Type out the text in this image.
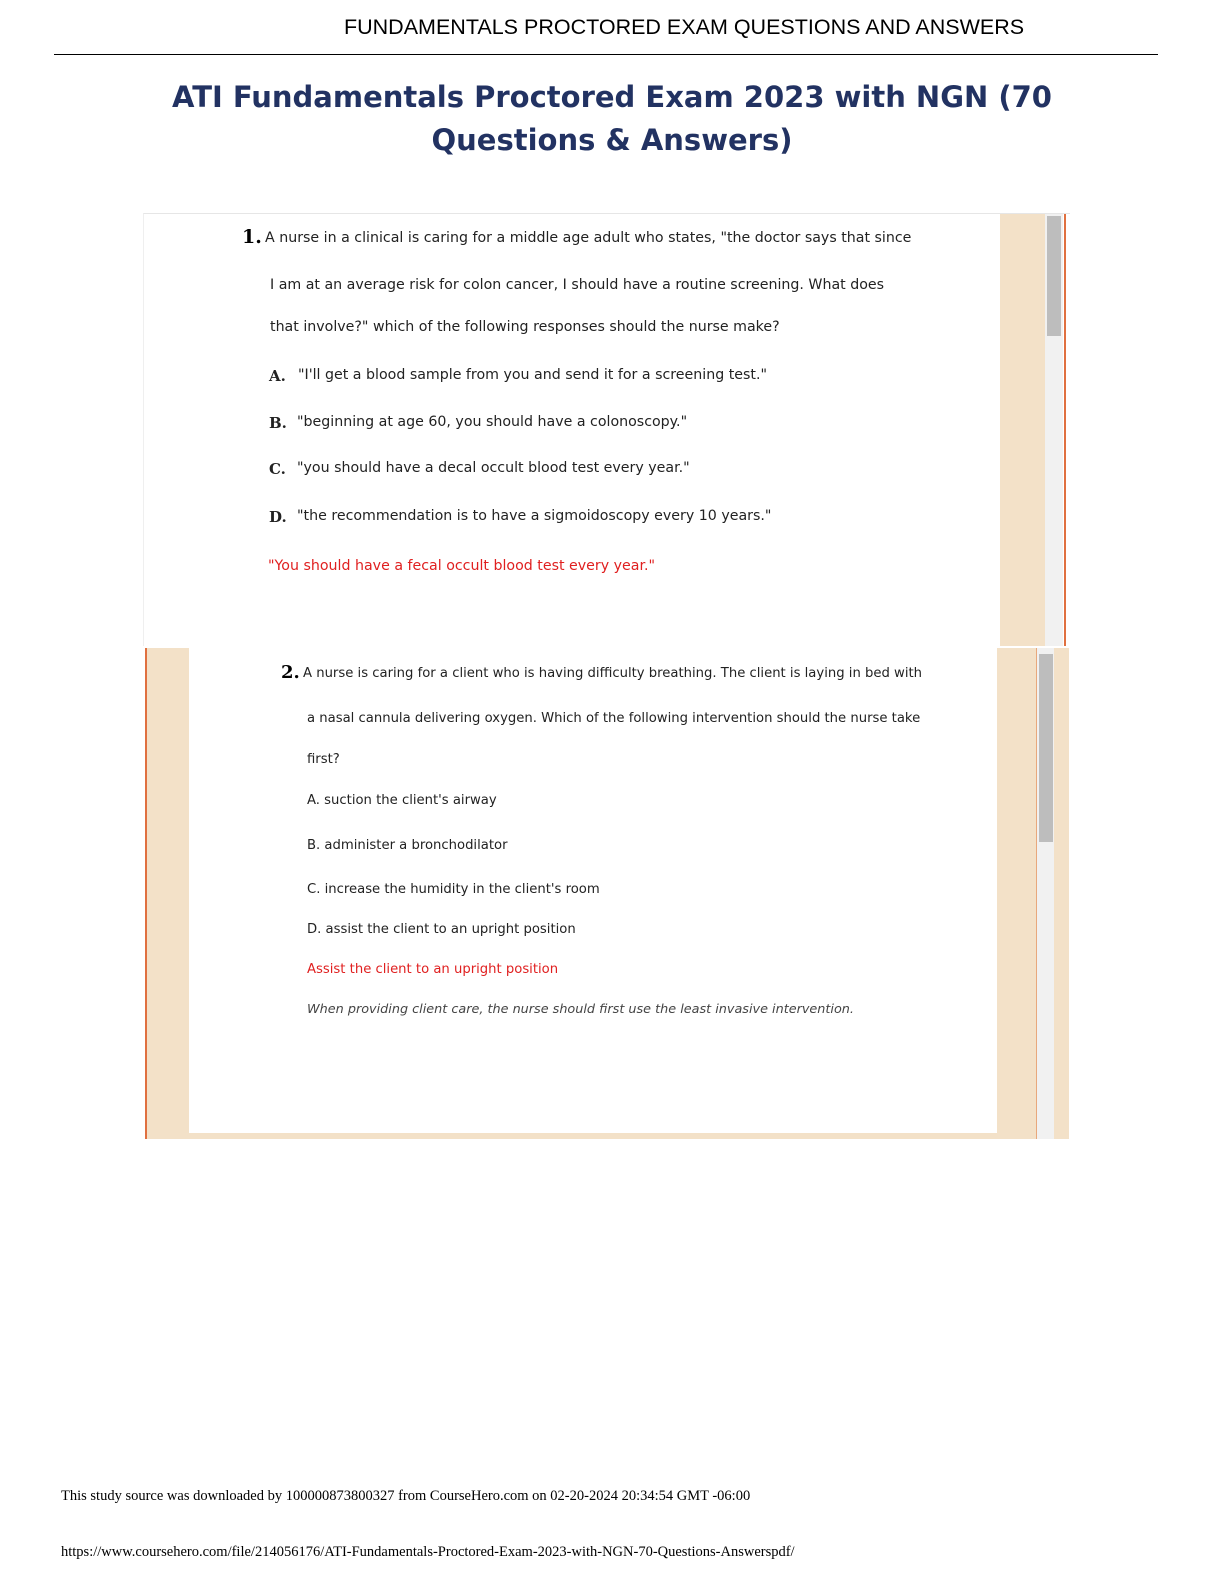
FUNDAMENTALS PROCTORED EXAM QUESTIONS AND ANSWERS
ATI Fundamentals Proctored Exam 2023 with NGN (70
Questions & Answers)
1. A nurse in a clinical is caring for a middle age adult who states, "the doctor says that since
I am at an average risk for colon cancer, I should have a routine screening. What does
that involve?" which of the following responses should the nurse make?
A. "I'll get a blood sample from you and send it for a screening test."
B. "beginning at age 60, you should have a colonoscopy."
C. "you should have a decal occult blood test every year."
D. "the recommendation is to have a sigmoidoscopy every 10 years."
"You should have a fecal occult blood test every year."
2. A nurse is caring for a client who is having difficulty breathing. The client is laying in bed with
a nasal cannula delivering oxygen. Which of the following intervention should the nurse take
first?
A. suction the client's airway
B. administer a bronchodilator
C. increase the humidity in the client's room
D. assist the client to an upright position
Assist the client to an upright position
When providing client care, the nurse should first use the least invasive intervention.
This study source was downloaded by 100000873800327 from CourseHero.com on 02-20-2024 20:34:54 GMT -06:00
https://www.coursehero.com/file/214056176/ATI-Fundamentals-Proctored-Exam-2023-with-NGN-70-Questions-Answerspdf/
